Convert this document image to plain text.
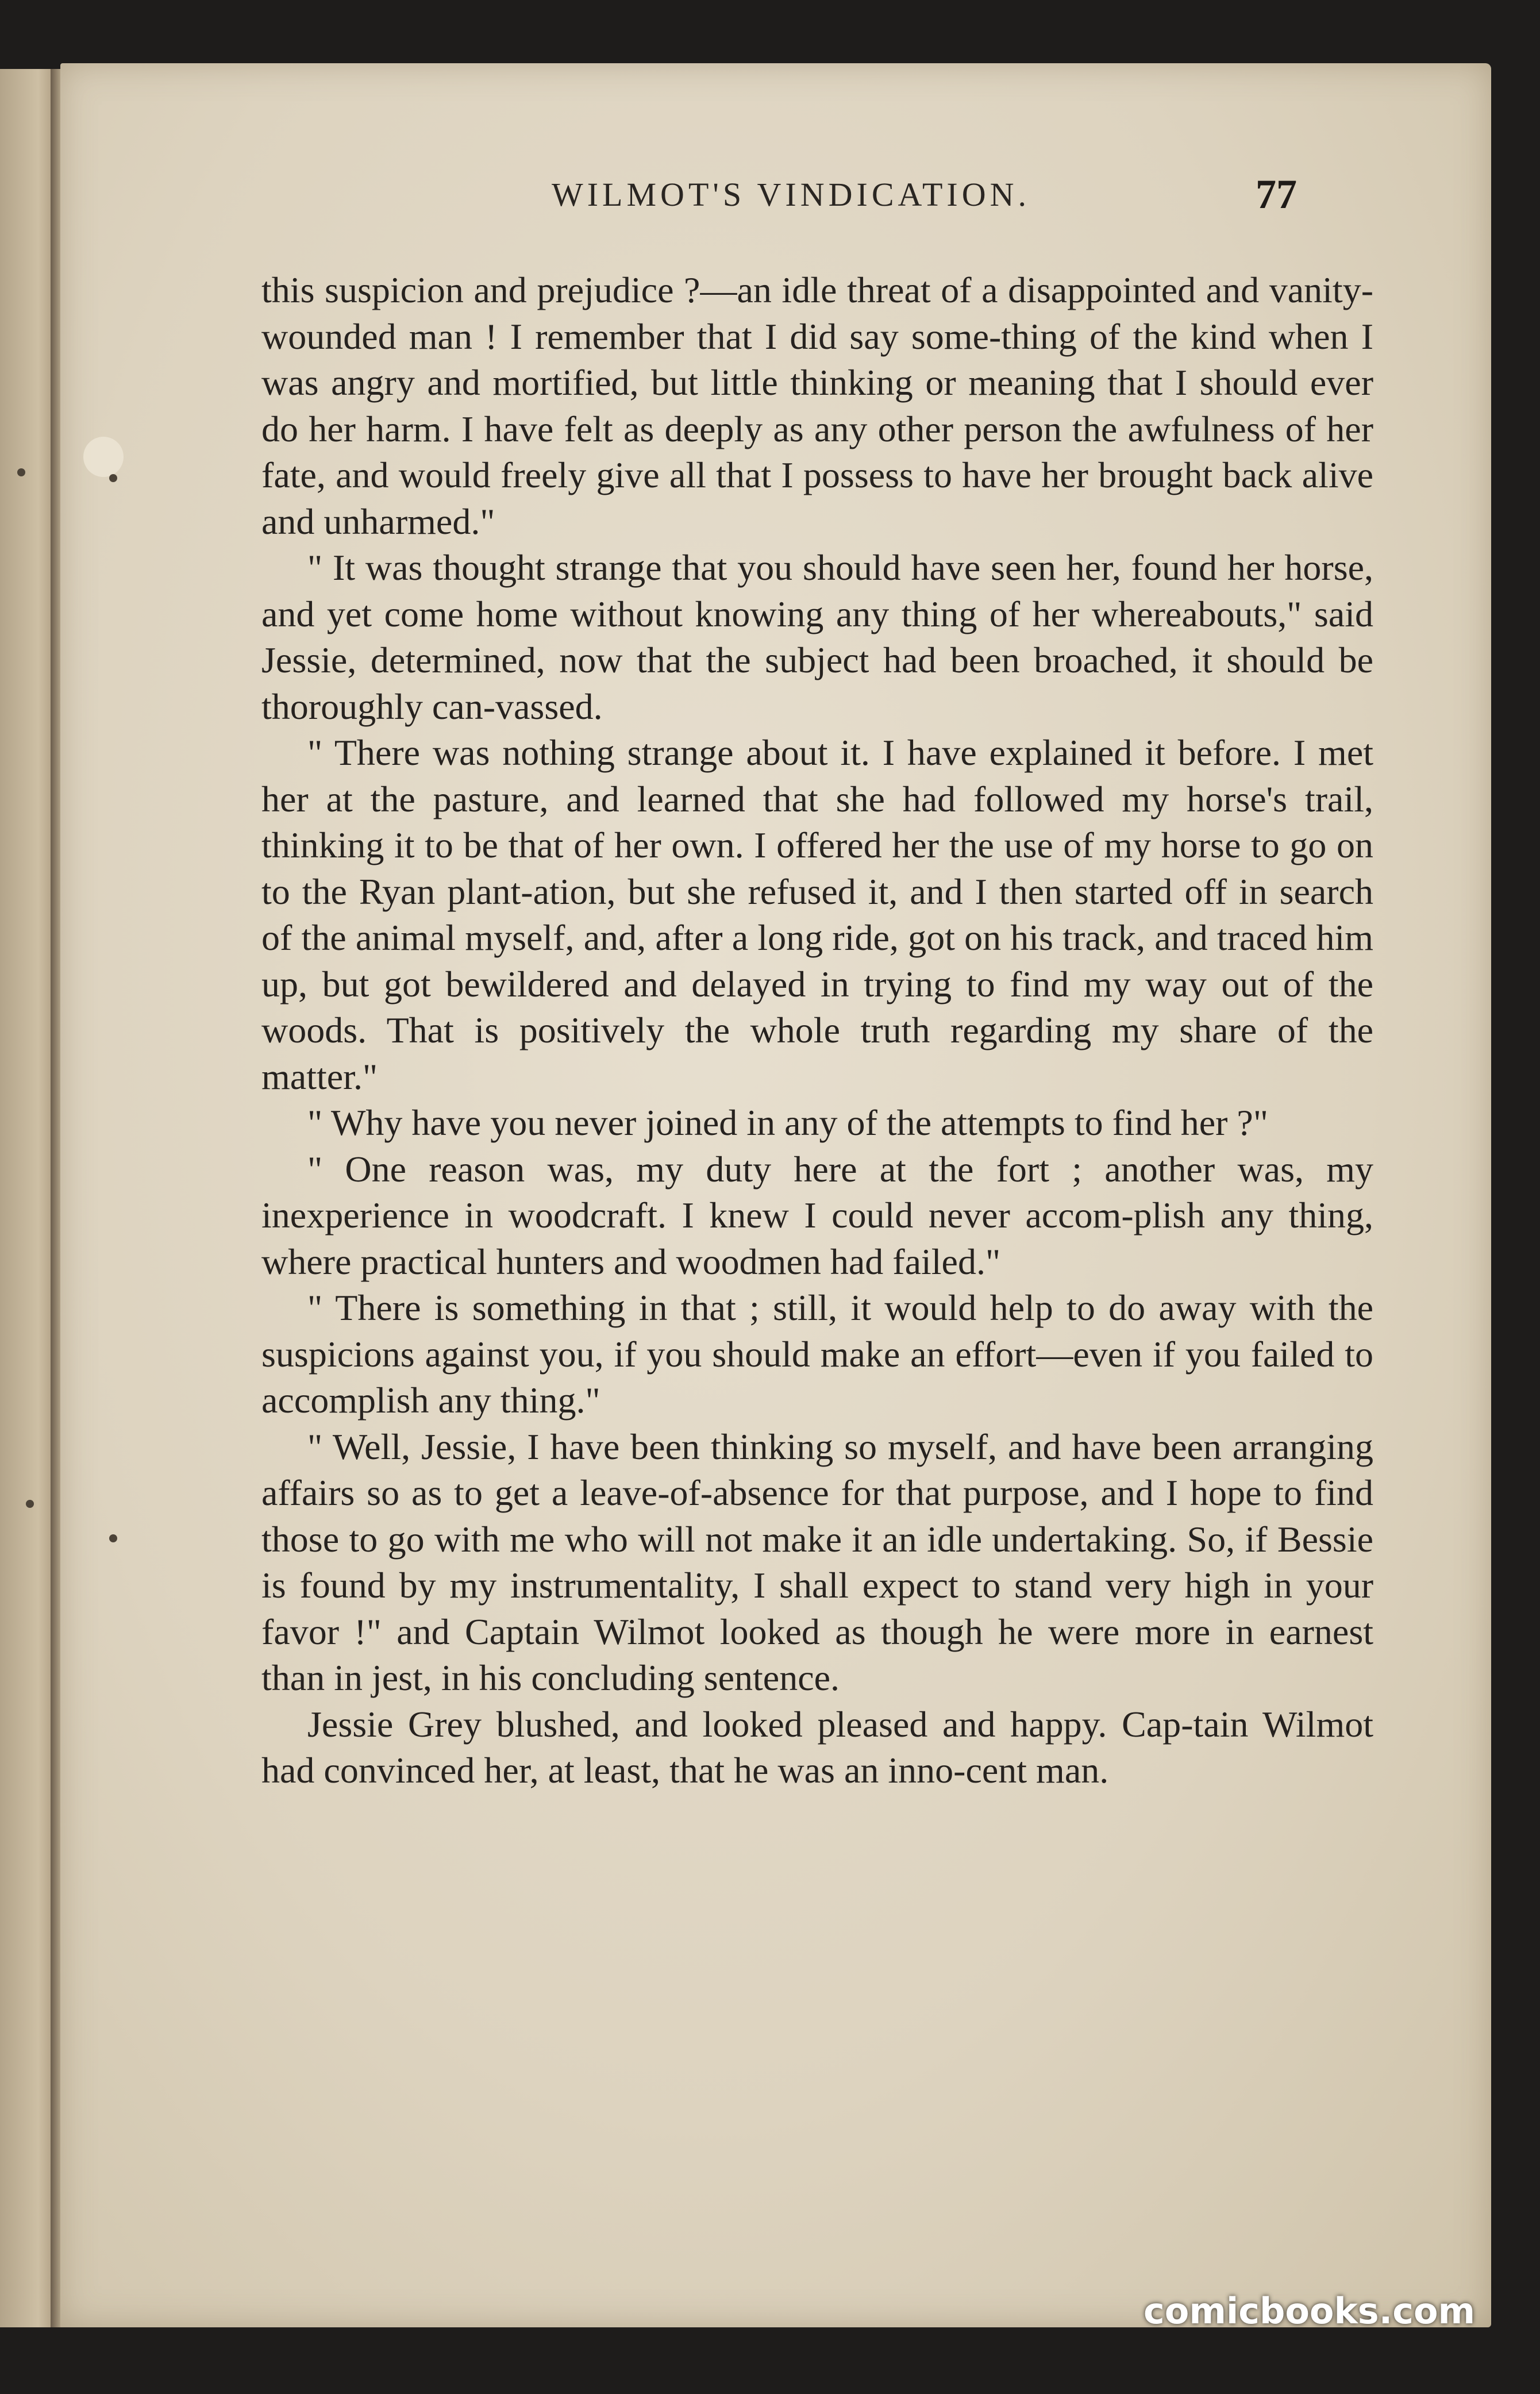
WILMOT'S VINDICATION.

this suspicion and prejudice ?—an idle threat of a disappointed and vanity-wounded man ! I remember that I did say some-thing of the kind when I was angry and mortified, but little thinking or meaning that I should ever do her harm. I have felt as deeply as any other person the awfulness of her fate, and would freely give all that I possess to have her brought back alive and unharmed."

" It was thought strange that you should have seen her, found her horse, and yet come home without knowing any thing of her whereabouts," said Jessie, determined, now that the subject had been broached, it should be thoroughly can-vassed.

" There was nothing strange about it. I have explained it before. I met her at the pasture, and learned that she had followed my horse's trail, thinking it to be that of her own. I offered her the use of my horse to go on to the Ryan plant-ation, but she refused it, and I then started off in search of the animal myself, and, after a long ride, got on his track, and traced him up, but got bewildered and delayed in trying to find my way out of the woods. That is positively the whole truth regarding my share of the matter."

" Why have you never joined in any of the attempts to find her ?"

" One reason was, my duty here at the fort ; another was, my inexperience in woodcraft. I knew I could never accom-plish any thing, where practical hunters and woodmen had failed."

" There is something in that ; still, it would help to do away with the suspicions against you, if you should make an effort—even if you failed to accomplish any thing."

" Well, Jessie, I have been thinking so myself, and have been arranging affairs so as to get a leave-of-absence for that purpose, and I hope to find those to go with me who will not make it an idle undertaking. So, if Bessie is found by my instrumentality, I shall expect to stand very high in your favor !" and Captain Wilmot looked as though he were more in earnest than in jest, in his concluding sentence.

Jessie Grey blushed, and looked pleased and happy. Cap-tain Wilmot had convinced her, at least, that he was an inno-cent man.

comicbooks.com
